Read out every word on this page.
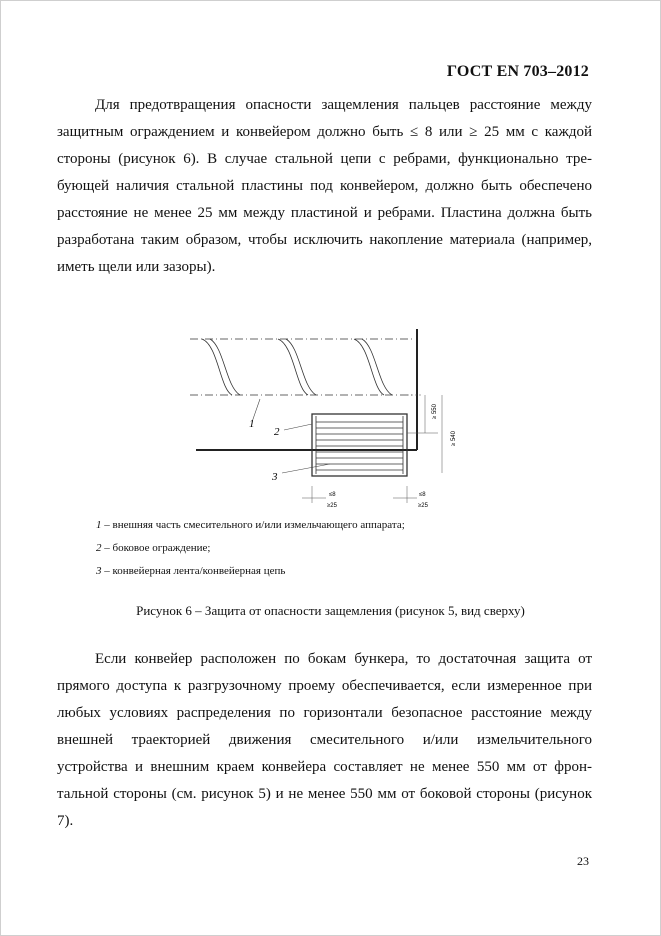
ГОСТ EN 703–2012

Для предотвращения опасности защемления пальцев расстояние между защитным ограждением и конвейером должно быть ≤ 8 или ≥ 25 мм с каждой стороны (рисунок 6). В случае стальной цепи с ребрами, функционально требующей наличия стальной пластины под конвейером, должно быть обеспечено расстояние не менее 25 мм между пластиной и ребрами. Пластина должна быть разработана таким образом, чтобы исключить накопление материала (например, иметь щели или зазоры).

1
2
3
≥ 550
≥ 540
≤8
≥25
≤8
≥25
1 – внешняя часть смесительного и/или измельчающего аппарата;
2 – боковое ограждение;
3 – конвейерная лента/конвейерная цепь
Рисунок 6 – Защита от опасности защемления (рисунок 5, вид сверху)

Если конвейер расположен по бокам бункера, то достаточная защита от прямого доступа к разгрузочному проему обеспечивается, если измеренное при любых условиях распределения по горизонтали безопасное расстояние между внешней траекторией движения смесительного и/или измельчительного устройства и внешним краем конвейера составляет не менее 550 мм от фронтальной стороны (см. рисунок 5) и не менее 550 мм от боковой стороны (рисунок 7).

23
